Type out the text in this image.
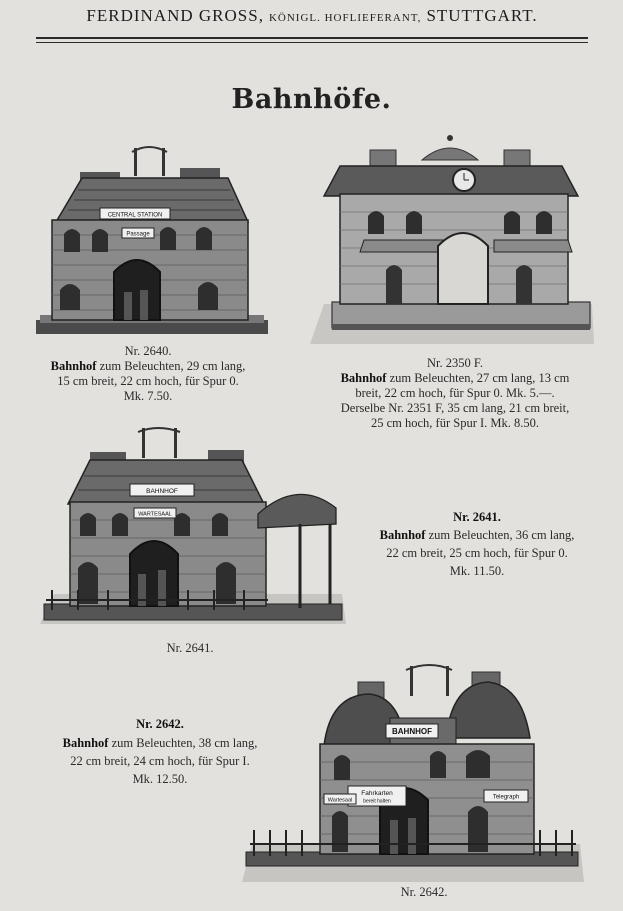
FERDINAND GROSS, KÖNIGL. HOFLIEFERANT, STUTTGART.
Bahnhöfe.
CENTRAL STATION
Passage
Nr. 2640.
Bahnhof zum Beleuchten, 29 cm lang,
15 cm breit, 22 cm hoch, für Spur 0.
Mk. 7.50.
Nr. 2350 F.
Bahnhof zum Beleuchten, 27 cm lang, 13 cm
breit, 22 cm hoch, für Spur 0. Mk. 5.—.
Derselbe Nr. 2351 F, 35 cm lang, 21 cm breit,
25 cm hoch, für Spur I. Mk. 8.50.
BAHNHOF
WARTESAAL
Nr. 2641.
Nr. 2641.
Bahnhof zum Beleuchten, 36 cm lang,
22 cm breit, 25 cm hoch, für Spur 0.
Mk. 11.50.
Nr. 2642.
Bahnhof zum Beleuchten, 38 cm lang,
22 cm breit, 24 cm hoch, für Spur I.
Mk. 12.50.
BAHNHOF
Fahrkarten
bereit halten
Telegraph
Wartesaal
Nr. 2642.
